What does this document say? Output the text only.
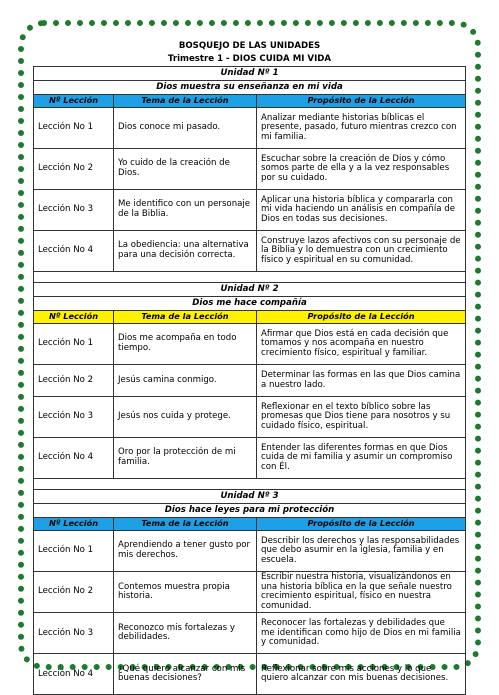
BOSQUEJO DE LAS UNIDADES
Trimestre 1 - DIOS CUIDA MI VIDA
Unidad Nº 1		
Dios muestra su enseñanza en mi vida		
Nº Lección	Tema de la Lección	Propósito de la Lección
Lección No 1	Dios conoce mi pasado.	Analizar mediante historias bíblicas el presente, pasado, futuro mientras crezco con mi familia.
Lección No 2	Yo cuido de la creación de Dios.	Escuchar sobre la creación de Dios y cómo somos parte de ella y a la vez responsables por su cuidado.
Lección No 3	Me identifico con un personaje de la Biblia.	Aplicar una historia bíblica y compararla con mi vida haciendo un análisis en compañía de Dios en todas sus decisiones.
Lección No 4	La obediencia: una alternativa para una decisión correcta.	Construye lazos afectivos con su personaje de la Biblia y lo demuestra con un crecimiento físico y espiritual en su comunidad.

Unidad Nº 2		
Dios me hace compañía		
Nº Lección	Tema de la Lección	Propósito de la Lección
Lección No 1	Dios me acompaña en todo tiempo.	Afirmar que Dios está en cada decisión que tomamos y nos acompaña en nuestro crecimiento físico, espiritual y familiar.
Lección No 2	Jesús camina conmigo.	Determinar las formas en las que Dios camina a nuestro lado.
Lección No 3	Jesús nos cuida y protege.	Reflexionar en el texto bíblico sobre las promesas que Dios tiene para nosotros y su cuidado físico, espiritual.
Lección No 4	Oro por la protección de mi familia.	Entender las diferentes formas en que Dios cuida de mi familia y asumir un compromiso con Él.

Unidad Nº 3		
Dios hace leyes para mi protección		
Nº Lección	Tema de la Lección	Propósito de la Lección
Lección No 1	Aprendiendo a tener gusto por mis derechos.	Describir los derechos y las responsabilidades que debo asumir en la iglesia, familia y en escuela.
Lección No 2	Contemos muestra propia historia.	Escribir nuestra historia, visualizándonos en una historia bíblica en la que señale nuestro crecimiento espiritual, físico en nuestra comunidad.
Lección No 3	Reconozco mis fortalezas y debilidades.	Reconocer las fortalezas y debilidades que me identifican como hijo de Dios en mi familia y comunidad.
Lección No 4	¿Qué quiero alcanzar con mis buenas decisiones?	Reflexionar sobre mis acciones y lo que quiero alcanzar con mis buenas decisiones.
